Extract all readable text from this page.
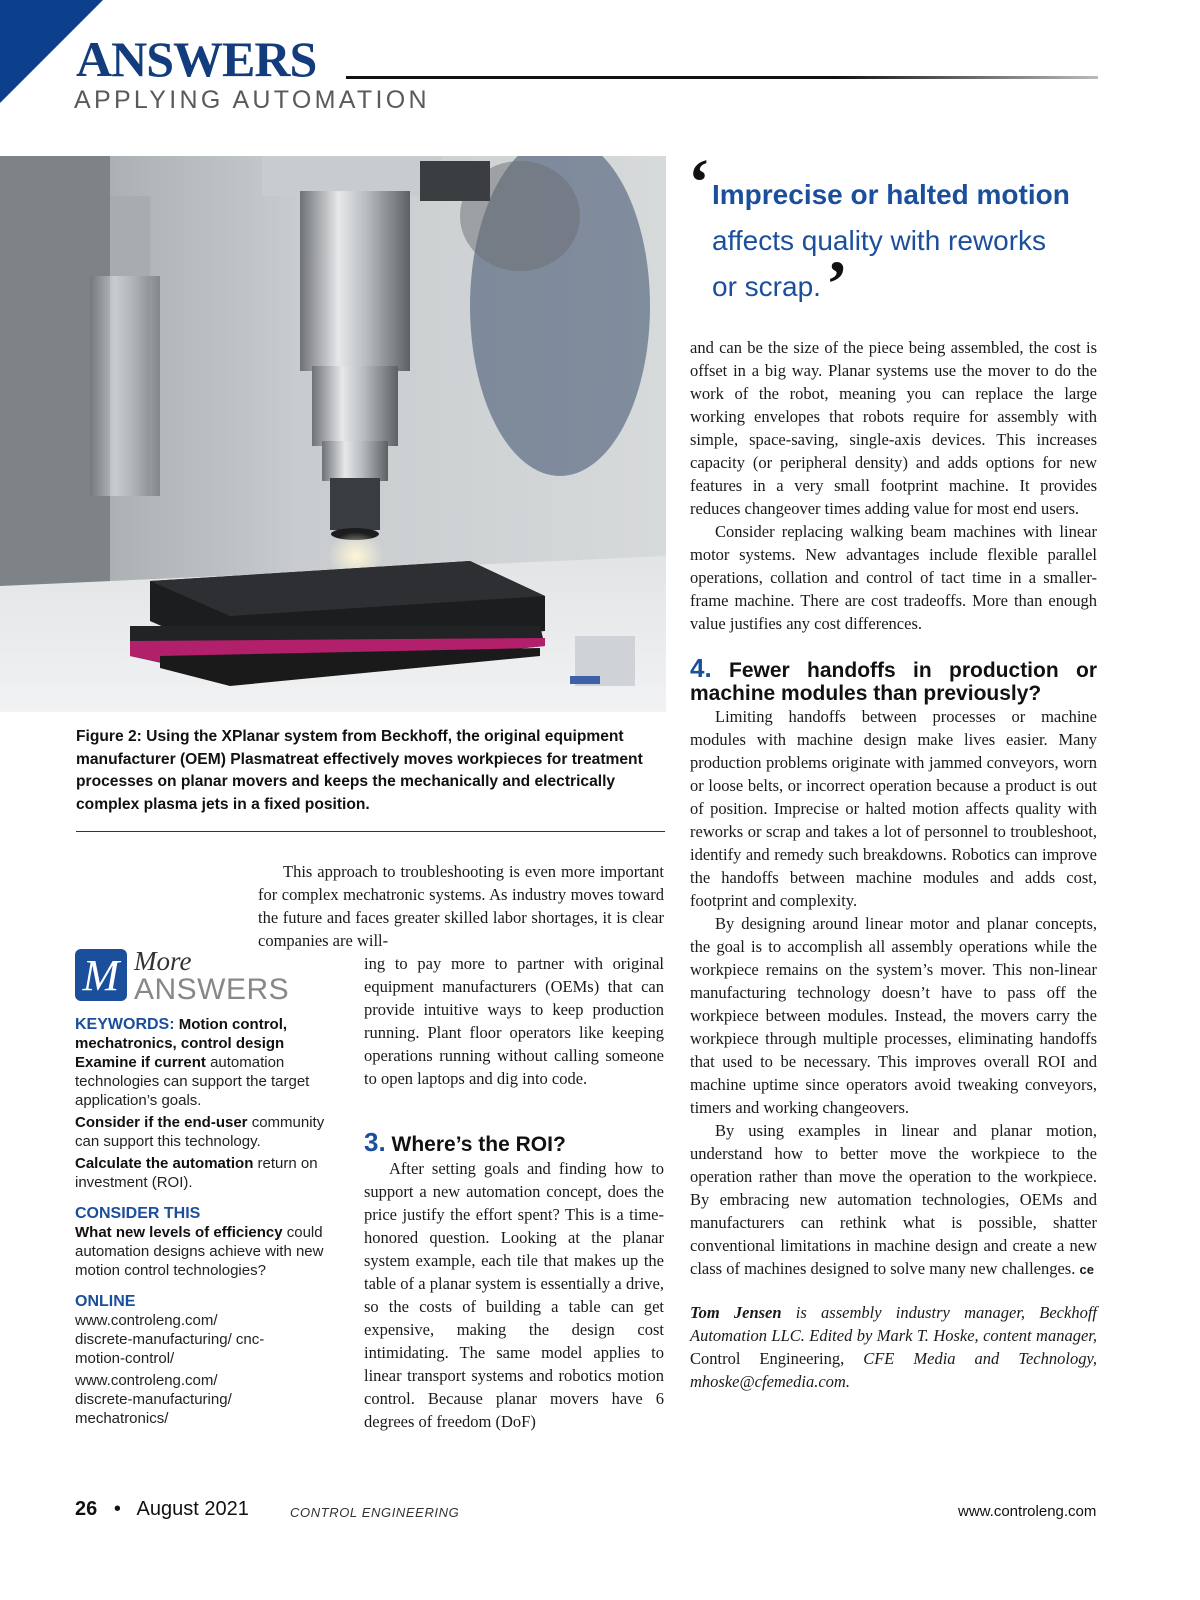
ANSWERS
APPLYING AUTOMATION
Figure 2: Using the XPlanar system from Beckhoff, the original equipment manufacturer (OEM) Plasmatreat effectively moves workpieces for treatment processes on planar movers and keeps the mechanically and electrically complex plasma jets in a fixed position.

This approach to troubleshooting is even more important for complex mechatronic systems. As industry moves toward the future and faces greater skilled labor shortages, it is clear companies are will-

M More
ANSWERS
KEYWORDS: Motion control, mechatronics, control design

Examine if current automation technologies can support the target application’s goals.

Consider if the end-user community can support this technology.

Calculate the automation return on investment (ROI).

CONSIDER THIS

What new levels of efficiency could automation designs achieve with new motion control technologies?

ONLINE

www.controleng.com/ discrete-manufacturing/ cnc-motion-control/

www.controleng.com/ discrete-manufacturing/ mechatronics/

ing to pay more to partner with original equipment manufacturers (OEMs) that can provide intuitive ways to keep production running. Plant floor operators like keeping operations running without calling someone to open laptops and dig into code.

3. Where’s the ROI?

After setting goals and finding how to support a new automation concept, does the price justify the effort spent? This is a time-honored question. Looking at the planar system example, each tile that makes up the table of a planar system is essentially a drive, so the costs of building a table can get expensive, making the design cost intimidating. The same model applies to linear transport systems and robotics motion control. Because planar movers have 6 degrees of freedom (DoF)

‘ Imprecise or halted motion
affects quality with reworks or scrap. ’

and can be the size of the piece being assembled, the cost is offset in a big way. Planar systems use the mover to do the work of the robot, meaning you can replace the large working envelopes that robots require for assembly with simple, space-saving, single-axis devices. This increases capacity (or peripheral density) and adds options for new features in a very small footprint machine. It provides reduces changeover times adding value for most end users.

Consider replacing walking beam machines with linear motor systems. New advantages include flexible parallel operations, collation and control of tact time in a smaller-frame machine. There are cost tradeoffs. More than enough value justifies any cost differences.

4. Fewer handoffs in production or machine modules than previously?

Limiting handoffs between processes or machine modules with machine design make lives easier. Many production problems originate with jammed conveyors, worn or loose belts, or incorrect operation because a product is out of position. Imprecise or halted motion affects quality with reworks or scrap and takes a lot of personnel to troubleshoot, identify and remedy such breakdowns. Robotics can improve the handoffs between machine modules and adds cost, footprint and complexity.

By designing around linear motor and planar concepts, the goal is to accomplish all assembly operations while the workpiece remains on the system’s mover. This non-linear manufacturing technology doesn’t have to pass off the workpiece between modules. Instead, the movers carry the workpiece through multiple processes, eliminating handoffs that used to be necessary. This improves overall ROI and machine uptime since operators avoid tweaking conveyors, timers and working changeovers.

By using examples in linear and planar motion, understand how to better move the workpiece to the operation rather than move the operation to the workpiece. By embracing new automation technologies, OEMs and manufacturers can rethink what is possible, shatter conventional limitations in machine design and create a new class of machines designed to solve many new challenges. ce

Tom Jensen is assembly industry manager, Beckhoff Automation LLC. Edited by Mark T. Hoske, content manager, Control Engineering, CFE Media and Technology, mhoske@cfemedia.com.

26 • August 2021	CONTROL ENGINEERING	www.controleng.com
